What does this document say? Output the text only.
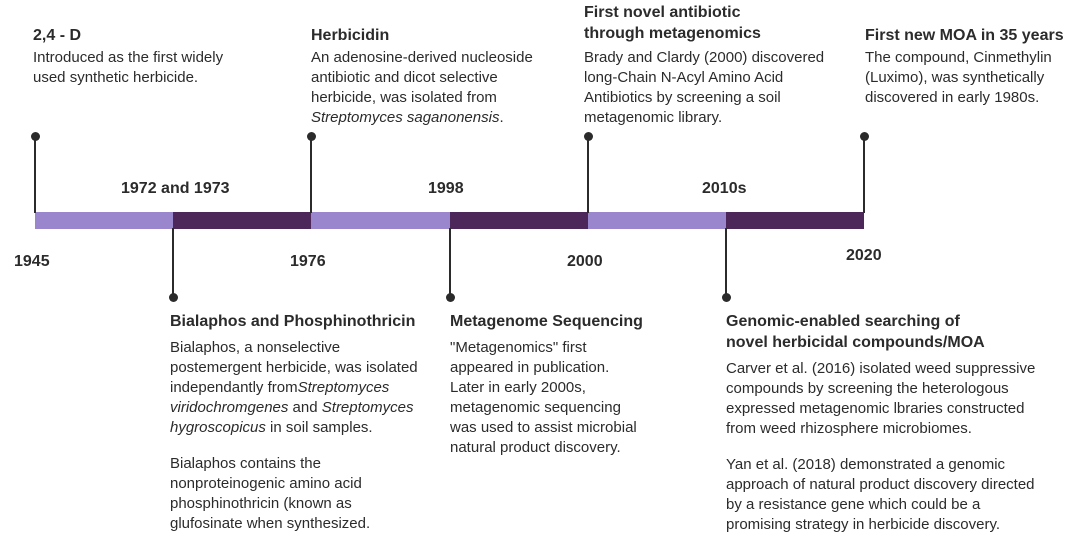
1945	1976	2000	2020
1972 and 1973	1998	2010s
2,4 - D
Introduced as the first widely
used synthetic herbicide.
Herbicidin
An adenosine-derived nucleoside
antibiotic and dicot selective
herbicide, was isolated from
Streptomyces saganonensis.
First novel antibiotic
through metagenomics
Brady and Clardy (2000) discovered
long-Chain N-Acyl Amino Acid
Antibiotics by screening a soil
metagenomic library.
First new MOA in 35 years
The compound, Cinmethylin
(Luximo), was synthetically
discovered in early 1980s.
Bialaphos and Phosphinothricin
Bialaphos, a nonselective
postemergent herbicide, was isolated
independantly fromStreptomyces
viridochromgenes and Streptomyces
hygroscopicus in soil samples.
Bialaphos contains the
nonproteinogenic amino acid
phosphinothricin (known as
glufosinate when synthesized.
Metagenome Sequencing
"Metagenomics" first
appeared in publication.
Later in early 2000s,
metagenomic sequencing
was used to assist microbial
natural product discovery.
Genomic-enabled searching of
novel herbicidal compounds/MOA
Carver et al. (2016) isolated weed suppressive
compounds by screening the heterologous
expressed metagenomic lbraries constructed
from weed rhizosphere microbiomes.
Yan et al. (2018) demonstrated a genomic
approach of natural product discovery directed
by a resistance gene which could be a
promising strategy in herbicide discovery.
